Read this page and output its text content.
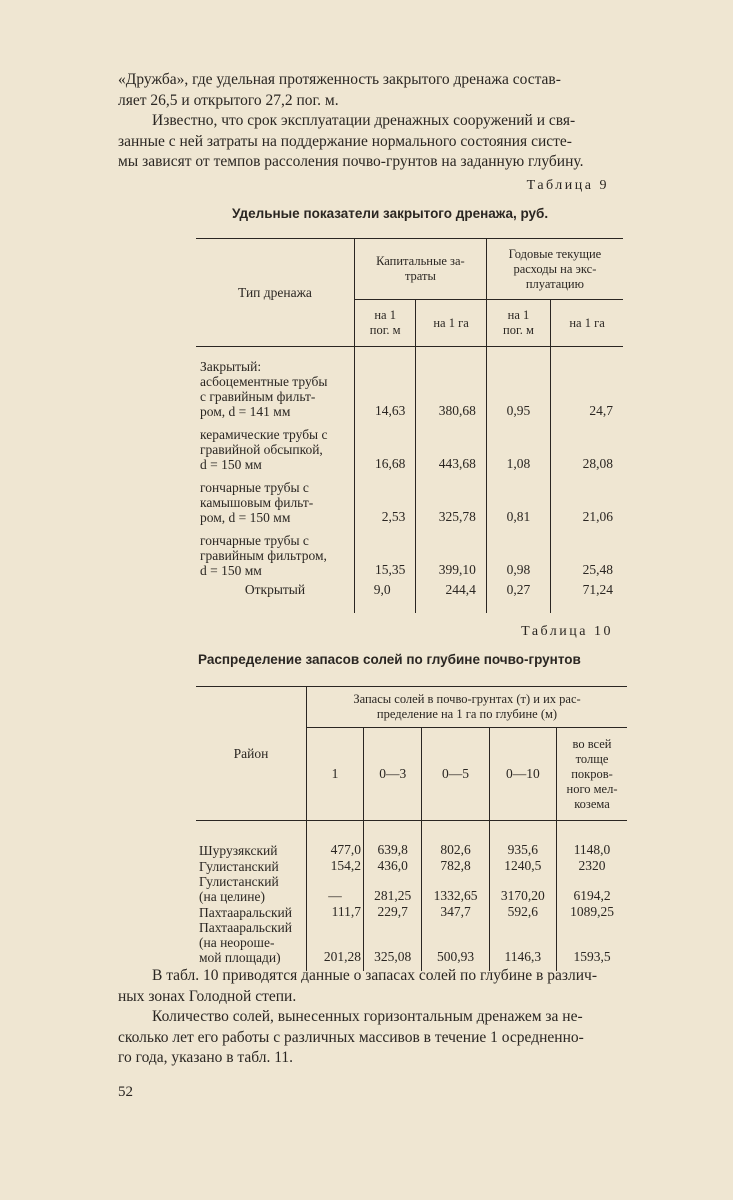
«Дружба», где удельная протяженность закрытого дренажа состав-
ляет 26,5 и открытого 27,2 пог. м.
Известно, что срок эксплуатации дренажных сооружений и свя-
занные с ней затраты на поддержание нормального состояния систе-
мы зависят от темпов рассоления почво-грунтов на заданную глубину.
Таблица 9
Удельные показатели закрытого дренажа, руб.
Тип дренажа	Капитальные за-
траты		Годовые текущие
расходы на экс-
плуатацию	
	на 1
пог. м	на 1 га	на 1
пог. м	на 1 га
Закрытый:
асбоцементные трубы
с гравийным фильт-
ром, d = 141 мм	14,63	380,68	0,95	24,7
керамические трубы с
гравийной обсыпкой,
d = 150 мм	16,68	443,68	1,08	28,08
гончарные трубы с
камышовым фильт-
ром, d = 150 мм	2,53	325,78	0,81	21,06
гончарные трубы с
гравийным фильтром,
d = 150 мм	15,35	399,10	0,98	25,48
Открытый	9,0	244,4	0,27	71,24
Таблица 10
Распределение запасов солей по глубине почво-грунтов
Район	Запасы солей в почво-грунтах (т) и их рас-
пределение на 1 га по глубине (м)				
	1	0—3	0—5	0—10	во всей
толще
покров-
ного мел-
козема
Шурузякский	477,0	639,8	802,6	935,6	1148,0
Гулистанский	154,2	436,0	782,8	1240,5	2320
Гулистанский
(на целине)	—	281,25	1332,65	3170,20	6194,2
Пахтааральский	111,7	229,7	347,7	592,6	1089,25
Пахтааральский
(на неороше-
мой площади)	201,28	325,08	500,93	1146,3	1593,5
В табл. 10 приводятся данные о запасах солей по глубине в различ-
ных зонах Голодной степи.
Количество солей, вынесенных горизонтальным дренажем за не-
сколько лет его работы с различных массивов в течение 1 осредненно-
го года, указано в табл. 11.
52
